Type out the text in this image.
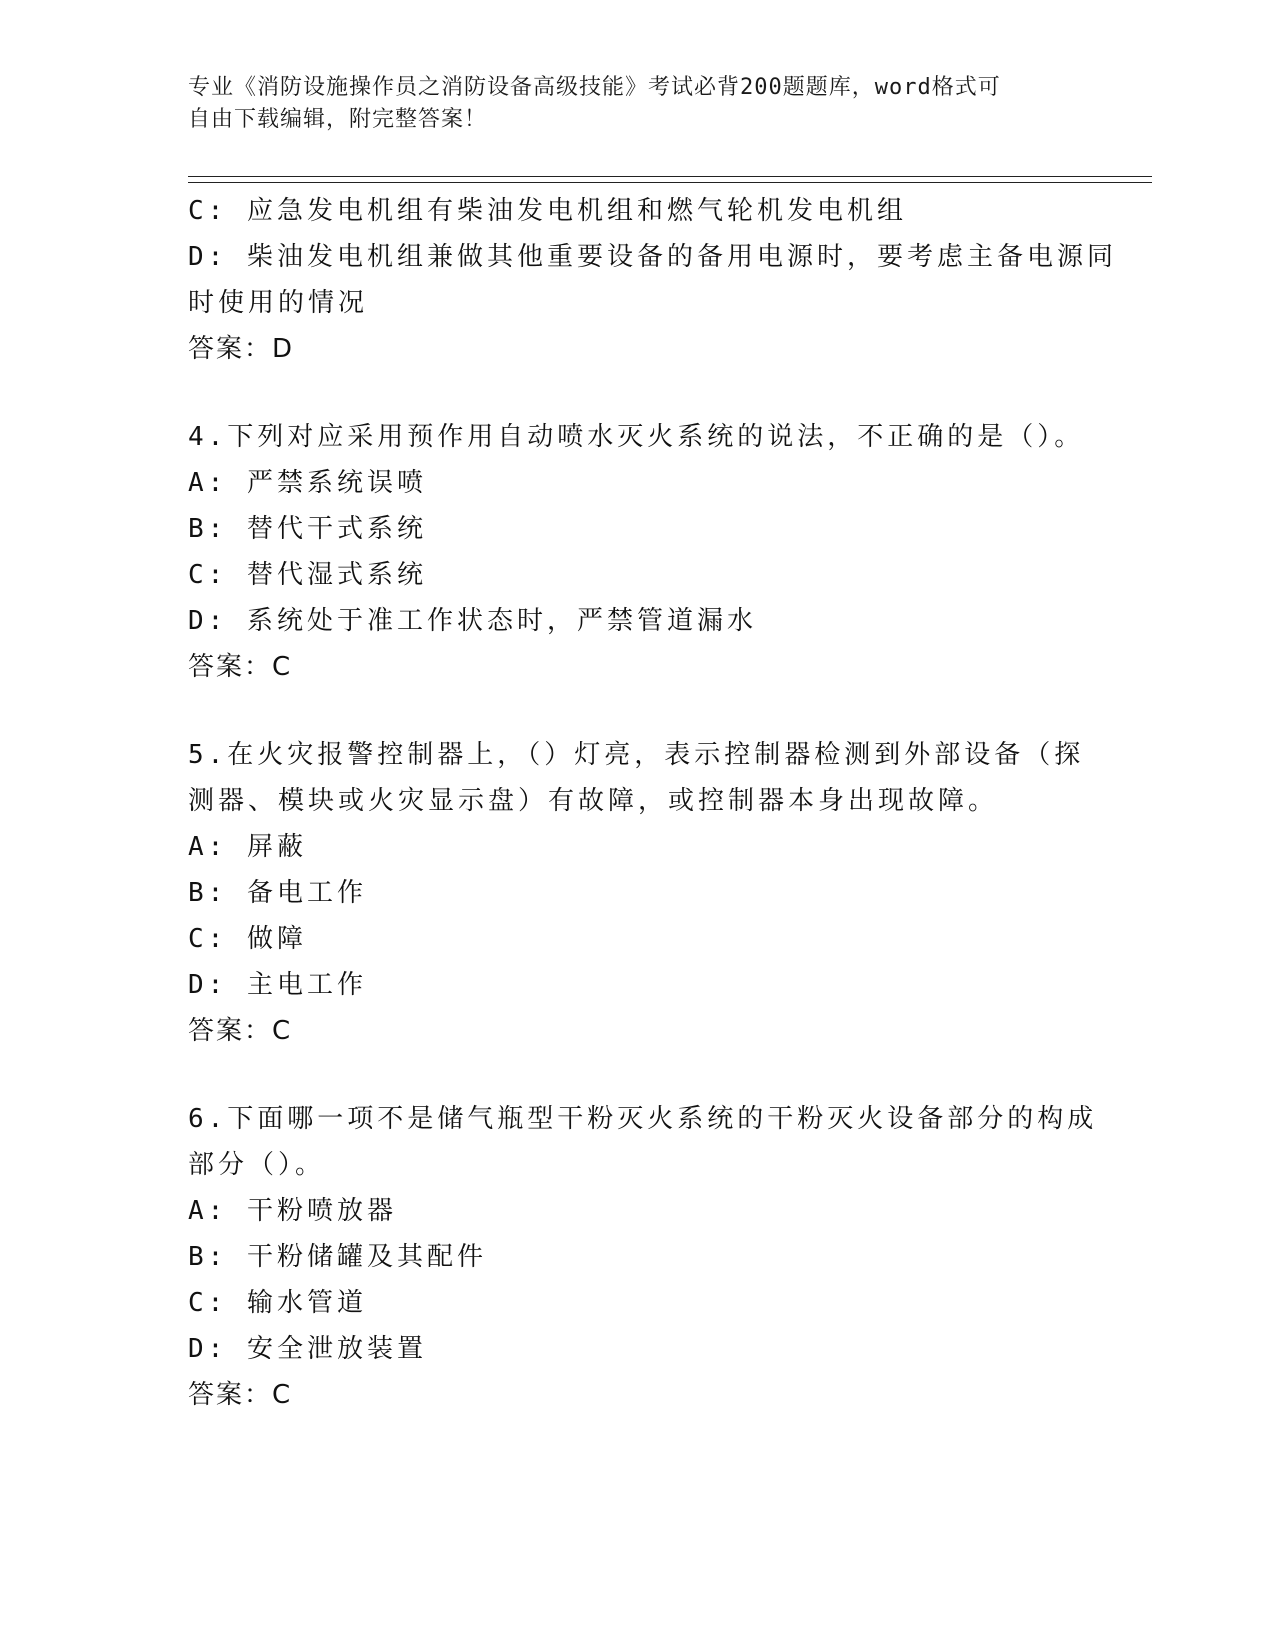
专业《消防设施操作员之消防设备高级技能》考试必背200题题库，word格式可
自由下载编辑，附完整答案！
C: 应急发电机组有柴油发电机组和燃气轮机发电机组
D: 柴油发电机组兼做其他重要设备的备用电源时，要考虑主备电源同
时使用的情况
答案：D
4.下列对应采用预作用自动喷水灭火系统的说法，不正确的是（）。
A: 严禁系统误喷
B: 替代干式系统
C: 替代湿式系统
D: 系统处于准工作状态时，严禁管道漏水
答案：C
5.在火灾报警控制器上，（）灯亮，表示控制器检测到外部设备（探
测器、模块或火灾显示盘）有故障，或控制器本身出现故障。
A: 屏蔽
B: 备电工作
C: 做障
D: 主电工作
答案：C
6.下面哪一项不是储气瓶型干粉灭火系统的干粉灭火设备部分的构成
部分（）。
A: 干粉喷放器
B: 干粉储罐及其配件
C: 输水管道
D: 安全泄放装置
答案：C
